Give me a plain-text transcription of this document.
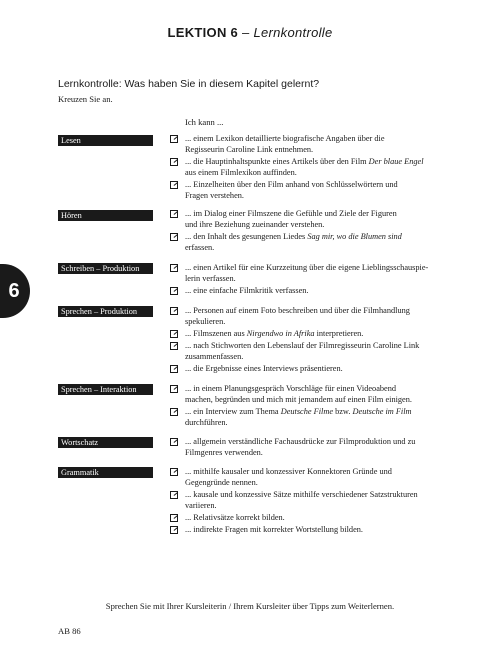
LEKTION 6 – Lernkontrolle
Lernkontrolle: Was haben Sie in diesem Kapitel gelernt?
Kreuzen Sie an.
Ich kann ...
6
Lesen	... einem Lexikon detaillierte biografische Angaben über die
Regisseurin Caroline Link entnehmen.
... die Hauptinhaltspunkte eines Artikels über den Film Der blaue Engel
aus einem Filmlexikon auffinden.
... Einzelheiten über den Film anhand von Schlüsselwörtern und
Fragen verstehen.
Hören	... im Dialog einer Filmszene die Gefühle und Ziele der Figuren
und ihre Beziehung zueinander verstehen.
... den Inhalt des gesungenen Liedes Sag mir, wo die Blumen sind
erfassen.
Schreiben – Produktion	... einen Artikel für eine Kurzzeitung über die eigene Lieblingsschauspie-
lerin verfassen.
... eine einfache Filmkritik verfassen.
Sprechen – Produktion	... Personen auf einem Foto beschreiben und über die Filmhandlung
spekulieren.
... Filmszenen aus Nirgendwo in Afrika interpretieren.
... nach Stichworten den Lebenslauf der Filmregisseurin Caroline Link
zusammenfassen.
... die Ergebnisse eines Interviews präsentieren.
Sprechen – Interaktion	... in einem Planungsgespräch Vorschläge für einen Videoabend
machen, begründen und mich mit jemandem auf einen Film einigen.
... ein Interview zum Thema Deutsche Filme bzw. Deutsche im Film
durchführen.
Wortschatz	... allgemein verständliche Fachausdrücke zur Filmproduktion und zu
Filmgenres verwenden.
Grammatik	... mithilfe kausaler und konzessiver Konnektoren Gründe und
Gegengründe nennen.
... kausale und konzessive Sätze mithilfe verschiedener Satzstrukturen
variieren.
... Relativsätze korrekt bilden.
... indirekte Fragen mit korrekter Wortstellung bilden.
Sprechen Sie mit Ihrer Kursleiterin / Ihrem Kursleiter über Tipps zum Weiterlernen.
AB 86
